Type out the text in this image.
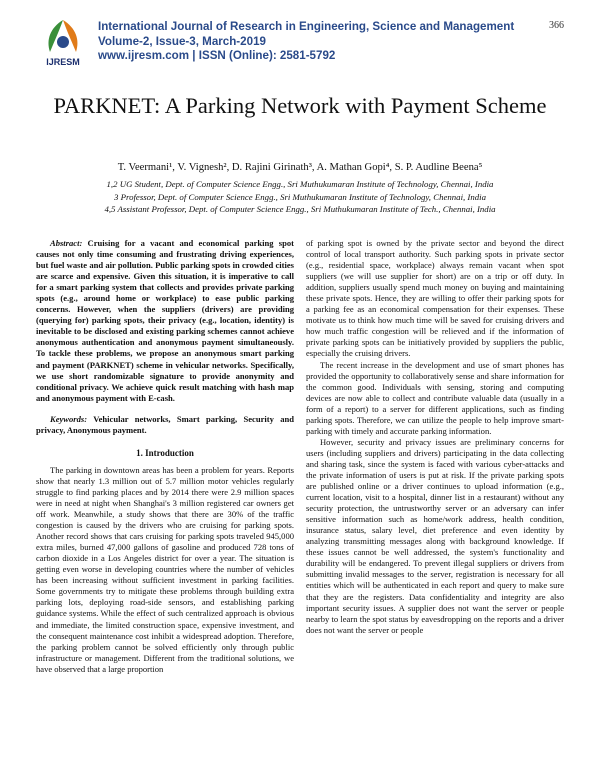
IJRESM
International Journal of Research in Engineering, Science and Management
Volume-2, Issue-3, March-2019
www.ijresm.com | ISSN (Online): 2581-5792
366
PARKNET: A Parking Network with Payment Scheme
T. Veermani¹, V. Vignesh², D. Rajini Girinath³, A. Mathan Gopi⁴, S. P. Audline Beena⁵
1,2 UG Student, Dept. of Computer Science Engg., Sri Muthukumaran Institute of Technology, Chennai, India
3 Professor, Dept. of Computer Science Engg., Sri Muthukumaran Institute of Technology, Chennai, India
4,5 Assistant Professor, Dept. of Computer Science Engg., Sri Muthukumaran Institute of Tech., Chennai, India

Abstract: Cruising for a vacant and economical parking spot causes not only time consuming and frustrating driving experiences, but fuel waste and air pollution. Public parking spots in crowded cities are scarce and expensive. Given this situation, it is imperative to call for a smart parking system that collects and provides private parking spots (e.g., around home or workplace) to ease public parking concerns. However, when the suppliers (drivers) are providing (querying for) parking spots, their privacy (e.g., location, identity) is inevitable to be disclosed and existing parking schemes cannot achieve anonymous authentication and anonymous payment simultaneously. To tackle these problems, we propose an anonymous smart parking and payment (PARKNET) scheme in vehicular networks. Specifically, we use short randomizable signature to provide anonymity and conditional privacy. We achieve quick result matching with hash map and anonymous payment with E-cash.

Keywords: Vehicular networks, Smart parking, Security and privacy, Anonymous payment.

1. Introduction

The parking in downtown areas has been a problem for years. Reports show that nearly 1.3 million out of 5.7 million motor vehicles regularly struggle to find parking places and by 2014 there were 2.9 million spaces were in need at night when Shanghai's 3 million registered car owners get off work. Meanwhile, a study shows that there are 30% of the traffic congestion is caused by the drivers who are cruising for parking spots. Another record shows that cars cruising for parking spots traveled 945,000 extra miles, burned 47,000 gallons of gasoline and produced 728 tons of carbon dioxide in a Los Angeles district for over a year. The situation is getting even worse in developing countries where the number of vehicles has been increasing without sufficient investment in parking facilities. Some governments try to mitigate these problems through building extra parking lots, deploying road-side sensors, and establishing parking guidance systems. While the effect of such centralized approach is obvious and immediate, the limited construction space, expensive investment, and the consequent maintenance cost inhibit a widespread adoption. Therefore, the parking problem cannot be solved efficiently only through public infrastructure or management. Different from the traditional solutions, we have observed that a large proportion

of parking spot is owned by the private sector and beyond the direct control of local transport authority. Such parking spots in private sector (e.g., residential space, workplace) always remain vacant when spot suppliers (we will use supplier for short) are on a trip or off duty. In addition, suppliers usually spend much money on buying and maintaining these private spots. Hence, they are willing to offer their parking spots for a parking fee as an economical compensation for their expenses. These motivate us to think how much time will be saved for cruising drivers and how much traffic congestion will be relieved and if the information of private parking spots can be initiatively provided by suppliers the public, especially the cruising drivers.

The recent increase in the development and use of smart phones has provided the opportunity to collaboratively sense and share information for the common good. Individuals with sensing, storing and computing devices are now able to collect and contribute valuable data (usually in a form of a report) to a server for different applications, such as finding parking spots. Therefore, we can utilize the people to help improve smart-parking with timely and accurate parking information.

However, security and privacy issues are preliminary concerns for users (including suppliers and drivers) participating in the data collecting and sharing task, since the system is faced with various cyber-attacks and the private information of users is put at risk. If the private parking spots are published online or a driver continues to upload information (e.g., current location, visit to a hospital, dinner list in a restaurant) without any security protection, the untrustworthy server or an adversary can infer sensitive information such as home/work address, health condition, insurance status, salary level, diet preference and even identity by analyzing transmitting messages along with background knowledge. If these issues cannot be well addressed, the system's functionality and durability will be endangered. To prevent illegal suppliers or drivers from submitting invalid messages to the server, registration is necessary for all entities which will be authenticated in each report and query to make sure that they are the registers. Data confidentiality and integrity are also important security issues. A supplier does not want the server or people nearby to learn the spot status by eavesdropping on the reports and a driver does not want the server or people
